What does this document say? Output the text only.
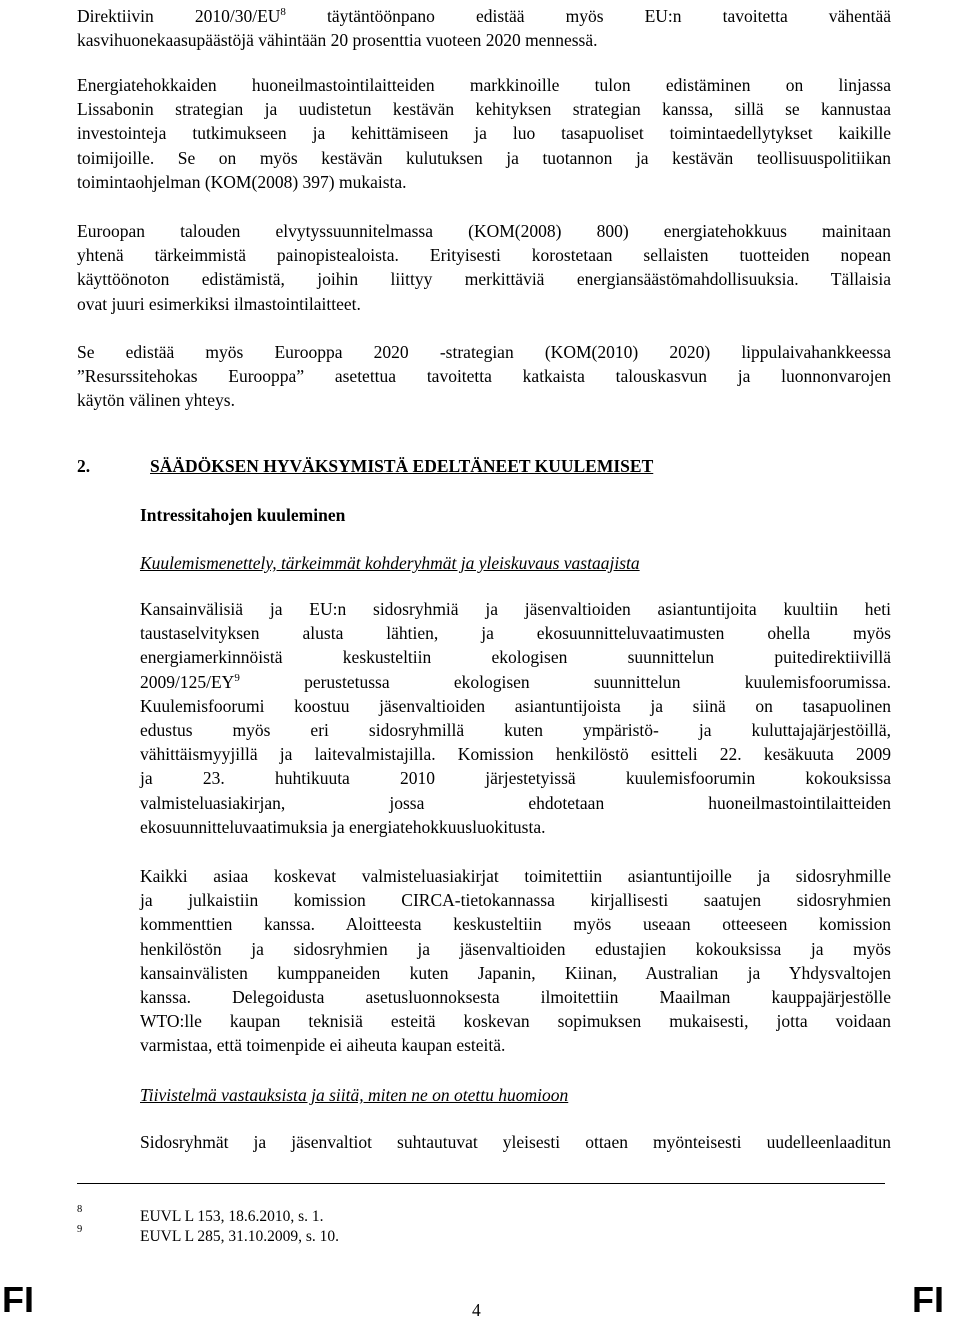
Direktiivin $2010/30/EU^8$ täytäntöönpano edistää myös EU:n tavoitetta vähentää
kasvihuonekaasupäästöjä vähintään 20 prosenttia vuoteen 2020 mennessä.
Energiatehokkaiden huoneilmastointilaitteiden markkinoille tulon edistäminen on linjassa
Lissabonin strategian ja uudistetun kestävän kehityksen strategian kanssa, sillä se kannustaa
investointeja tutkimukseen ja kehittämiseen ja luo tasapuoliset toimintaedellytykset kaikille
toimijoille. Se on myös kestävän kulutuksen ja tuotannon ja kestävän teollisuuspolitiikan
toimintaohjelman (KOM(2008) 397) mukaista.
Euroopan talouden elvytyssuunnitelmassa (KOM(2008) 800) energiatehokkuus mainitaan
yhtenä tärkeimmistä painopistealoista. Erityisesti korostetaan sellaisten tuotteiden nopean
käyttöönoton edistämistä, joihin liittyy merkittäviä energiansäästömahdollisuuksia. Tällaisia
ovat juuri esimerkiksi ilmastointilaitteet.
Se edistää myös Eurooppa 2020 -strategian (KOM(2010) 2020) lippulaivahankkeessa
”Resurssitehokas Eurooppa” asetettua tavoitetta katkaista talouskasvun ja luonnonvarojen
käytön välinen yhteys.
2.	SÄÄDÖKSEN HYVÄKSYMISTÄ EDELTÄNEET KUULEMISET
Intressitahojen kuuleminen
Kuulemismenettely, tärkeimmät kohderyhmät ja yleiskuvaus vastaajista
Kansainvälisiä ja EU:n sidosryhmiä ja jäsenvaltioiden asiantuntijoita kuultiin heti
taustaselvityksen alusta lähtien, ja ekosuunnitteluvaatimusten ohella myös
energiamerkinnöistä keskusteltiin ekologisen suunnittelun puitedirektiivillä
$2009/125/EY^9$ perustetussa ekologisen suunnittelun kuulemisfoorumissa.
Kuulemisfoorumi koostuu jäsenvaltioiden asiantuntijoista ja siinä on tasapuolinen
edustus myös eri sidosryhmillä kuten ympäristö- ja kuluttajajärjestöillä,
vähittäismyyjillä ja laitevalmistajilla. Komission henkilöstö esitteli 22. kesäkuuta 2009
ja 23. huhtikuuta 2010 järjestetyissä kuulemisfoorumin kokouksissa
valmisteluasiakirjan, jossa ehdotetaan huoneilmastointilaitteiden
ekosuunnitteluvaatimuksia ja energiatehokkuusluokitusta.
Kaikki asiaa koskevat valmisteluasiakirjat toimitettiin asiantuntijoille ja sidosryhmille
ja julkaistiin komission CIRCA-tietokannassa kirjallisesti saatujen sidosryhmien
kommenttien kanssa. Aloitteesta keskusteltiin myös useaan otteeseen komission
henkilöstön ja sidosryhmien ja jäsenvaltioiden edustajien kokouksissa ja myös
kansainvälisten kumppaneiden kuten Japanin, Kiinan, Australian ja Yhdysvaltojen
kanssa. Delegoidusta asetusluonnoksesta ilmoitettiin Maailman kauppajärjestölle
WTO:lle kaupan teknisiä esteitä koskevan sopimuksen mukaisesti, jotta voidaan
varmistaa, että toimenpide ei aiheuta kaupan esteitä.
Tiivistelmä vastauksista ja siitä, miten ne on otettu huomioon
Sidosryhmät ja jäsenvaltiot suhtautuvat yleisesti ottaen myönteisesti uudelleenlaaditun
8	EUVL L 153, 18.6.2010, s. 1.
9	EUVL L 285, 31.10.2009, s. 10.
FI	4	FI
